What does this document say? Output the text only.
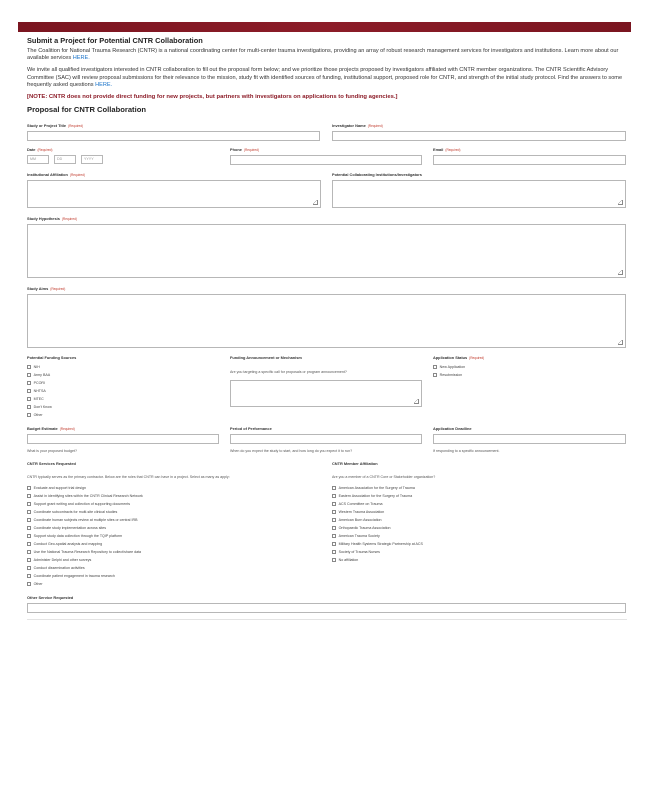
Submit a Project for Potential CNTR Collaboration

The Coalition for National Trauma Research (CNTR) is a national coordinating center for multi-center trauma investigations, providing an array of robust research management services for investigators and institutions. Learn more about our available services HERE.

We invite all qualified investigators interested in CNTR collaboration to fill out the proposal form below; and we prioritize those projects proposed by investigators affiliated with CNTR member organizations. The CNTR Scientific Advisory Committee (SAC) will review proposal submissions for their relevance to the mission, study fit with identified sources of funding, institutional support, proposed role for CNTR, and strength of the initial study protocol. Find the answers to some frequently asked questions HERE.

[NOTE: CNTR does not provide direct funding for new projects, but partners with investigators on applications to funding agencies.]
Proposal for CNTR Collaboration
Study or Project Title (Required)	Investigator Name (Required)
Date (Required)
MM	DD	YYYY
Phone (Required)	Email (Required)
Institutional Affiliation (Required)	Potential Collaborating Institutions/Investigators
Study Hypothesis (Required)
Study Aims (Required)
Potential Funding Sources
NIH
Army BAA
PCORI
NHTSA
MTEC
Don't Know
Other
Funding Announcement or Mechanism
Are you targeting a specific call for proposals or program announcement?
Application Status (Required)
New Application
Resubmission
Budget Estimate (Required)
What is your proposed budget?
Period of Performance
When do you expect the study to start, and how long do you expect it to run?
Application Deadline
If responding to a specific announcement.
CNTR Services Requested
CNTR typically serves as the primary contractor. Below are the roles that CNTR can have in a project. Select as many as apply:
Evaluate and support trial design
Assist in identifying sites within the CNTR Clinical Research Network
Support grant writing and collection of supporting documents
Coordinate subcontracts for multi-site clinical studies
Coordinate human subjects review at multiple sites or central IRB
Coordinate study implementation across sites
Support study data collection through the TQIP platform
Conduct Geo-spatial analysis and mapping
Use the National Trauma Research Repository to collect/share data
Administer Delphi and other surveys
Conduct dissemination activities
Coordinate patient engagement in trauma research
Other
CNTR Member Affiliation
Are you a member of a CNTR Core or Stakeholder organization?
American Association for the Surgery of Trauma
Eastern Association for the Surgery of Trauma
ACS Committee on Trauma
Western Trauma Association
American Burn Association
Orthopaedic Trauma Association
American Trauma Society
Military Health Systems Strategic Partnership at ACS
Society of Trauma Nurses
No affiliation
Other Service Requested
